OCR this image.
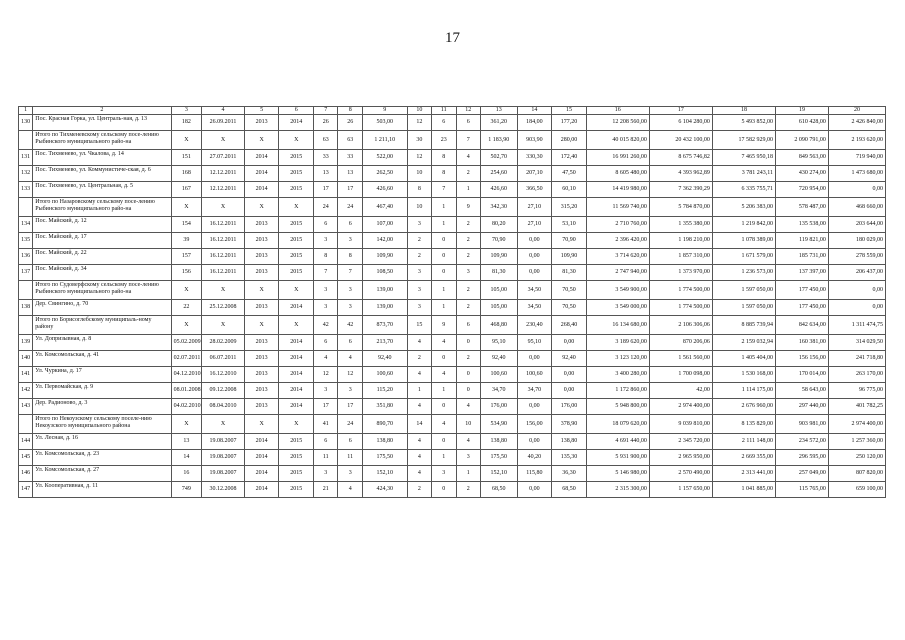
17
1	2	3	4	5	6	7	8	9	10	11	12	13	14	15	16	17	18	19	20
130	Пос. Красная Горка, ул. Централь-ная, д. 13	182	26.09.2011	2013	2014	26	26	503,00	12	6	6	361,20	184,00	177,20	12 208 560,00	6 104 280,00	5 493 852,00	610 428,00	2 426 840,00
	Итого по Тихменевскому сельскому посе-лению Рыбинского муниципального райо-на	X	X	X	X	63	63	1 211,10	30	23	7	1 183,90	903,90	280,00	40 015 820,00	20 432 100,00	17 582 929,00	2 090 791,00	2 193 620,00
131	Пос. Тихменево, ул. Чкалова, д. 14	151	27.07.2011	2014	2015	33	33	522,00	12	8	4	502,70	330,30	172,40	16 991 260,00	8 675 746,82	7 465 950,18	849 563,00	719 940,00
132	Пос. Тихменево, ул. Коммунистиче-ская, д. 6	168	12.12.2011	2014	2015	13	13	262,50	10	8	2	254,60	207,10	47,50	8 605 480,00	4 393 962,89	3 781 243,11	430 274,00	1 473 680,00
133	Пос. Тихменево, ул. Центральная, д. 5	167	12.12.2011	2014	2015	17	17	426,60	8	7	1	426,60	366,50	60,10	14 419 980,00	7 362 390,29	6 335 755,71	720 954,00	0,00
	Итого по Назаровскому сельскому посе-лению Рыбинского муниципального райо-на	X	X	X	X	24	24	467,40	10	1	9	342,30	27,10	315,20	11 569 740,00	5 784 870,00	5 206 383,00	578 487,00	468 660,00
134	Пос. Майский, д. 12	154	16.12.2011	2013	2015	6	6	107,00	3	1	2	80,20	27,10	53,10	2 710 760,00	1 355 380,00	1 219 842,00	135 538,00	203 644,00
135	Пос. Майский, д. 17	39	16.12.2011	2013	2015	3	3	142,00	2	0	2	70,90	0,00	70,90	2 396 420,00	1 198 210,00	1 078 389,00	119 821,00	180 029,00
136	Пос. Майский, д. 22	157	16.12.2011	2013	2015	8	8	109,90	2	0	2	109,90	0,00	109,90	3 714 620,00	1 857 310,00	1 671 579,00	185 731,00	278 559,00
137	Пос. Майский, д. 34	156	16.12.2011	2013	2015	7	7	108,50	3	0	3	81,30	0,00	81,30	2 747 940,00	1 373 970,00	1 236 573,00	137 397,00	206 437,00
	Итого по Судоверфскому сельскому посе-лению Рыбинского муниципального райо-на	X	X	X	X	3	3	139,00	3	1	2	105,00	34,50	70,50	3 549 900,00	1 774 500,00	1 597 050,00	177 450,00	0,00
138	Дер. Свингино, д. 70	22	25.12.2008	2013	2014	3	3	139,00	3	1	2	105,00	34,50	70,50	3 549 000,00	1 774 500,00	1 597 050,00	177 450,00	0,00
	Итого по Борисоглебскому муниципаль-ному району	X	X	X	X	42	42	873,70	15	9	6	468,80	230,40	268,40	16 134 680,00	2 106 306,06	8 885 739,94	842 634,00	1 311 474,75
139	Ул. Допризывная, д. 8	05.02.2009	28.02.2009	2013	2014	6	6	213,70	4	4	0	95,10	95,10	0,00	3 189 620,00	870 206,06	2 159 032,94	160 381,00	314 029,50
140	Ул. Комсомольская, д. 41	02.07.2011	06.07.2011	2013	2014	4	4	92,40	2	0	2	92,40	0,00	92,40	3 123 120,00	1 561 560,00	1 405 404,00	156 156,00	241 718,80
141	Ул. Чуркина, д. 17	04.12.2010	16.12.2010	2013	2014	12	12	100,60	4	4	0	100,60	100,60	0,00	3 400 280,00	1 700 098,00	1 530 168,00	170 014,00	263 170,00
142	Ул. Первомайская, д. 9	08.01.2008	09.12.2008	2013	2014	3	3	115,20	1	1	0	34,70	34,70	0,00	1 172 860,00	42,00	1 114 175,00	58 643,00	96 775,00
143	Дер. Радионово, д. 3	04.02.2010	08.04.2010	2013	2014	17	17	351,80	4	0	4	176,00	0,00	176,00	5 948 800,00	2 974 400,00	2 676 960,00	297 440,00	401 782,25
	Итого по Некоузскому сельскому поселе-нию Некоузского муниципального района	X	X	X	X	41	24	890,70	14	4	10	534,90	156,00	378,90	18 079 620,00	9 039 810,00	8 135 829,00	903 981,00	2 974 400,00
144	Ул. Лесная, д. 16	13	19.08.2007	2014	2015	6	6	138,80	4	0	4	138,80	0,00	138,80	4 691 440,00	2 345 720,00	2 111 148,00	234 572,00	1 257 360,00
145	Ул. Комсомольская, д. 23	14	19.08.2007	2014	2015	11	11	175,50	4	1	3	175,50	40,20	135,30	5 931 900,00	2 965 950,00	2 669 355,00	296 595,00	250 120,00
146	Ул. Комсомольская, д. 27	16	19.08.2007	2014	2015	3	3	152,10	4	3	1	152,10	115,80	36,30	5 146 980,00	2 570 490,00	2 313 441,00	257 049,00	807 820,00
147	Ул. Кооперативная, д. 11	749	30.12.2008	2014	2015	21	4	424,30	2	0	2	68,50	0,00	68,50	2 315 300,00	1 157 650,00	1 041 885,00	115 765,00	659 100,00
